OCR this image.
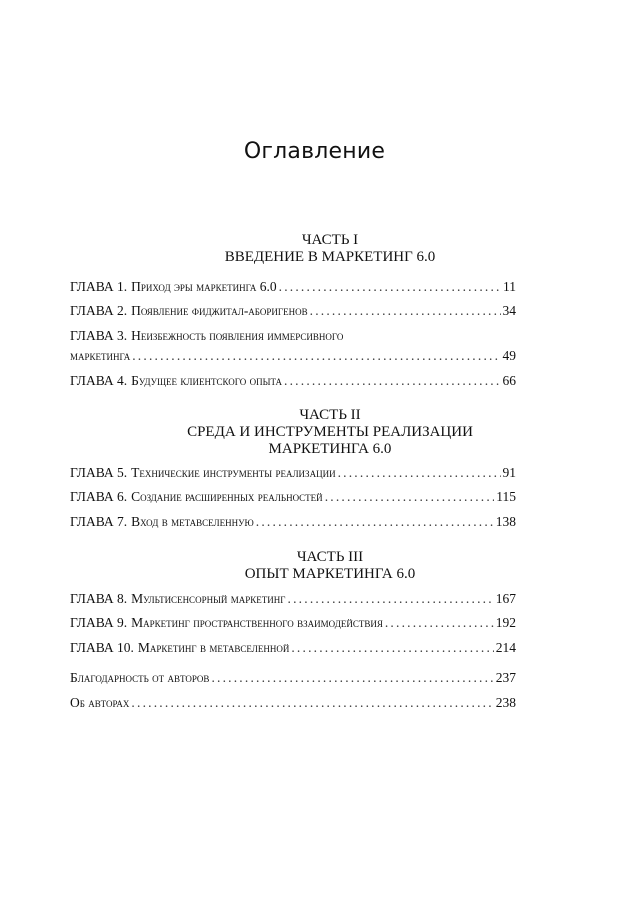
Оглавление
ЧАСТЬ I
ВВЕДЕНИЕ В МАРКЕТИНГ 6.0
ГЛАВА 1. Приход эры маркетинга 6.0 .....	11
ГЛАВА 2. Появление фиджитал-аборигенов .....	34
ГЛАВА 3. Неизбежность появления иммерсивного
маркетинга .....	49
ГЛАВА 4. Будущее клиентского опыта .....	66
ЧАСТЬ II
СРЕДА И ИНСТРУМЕНТЫ РЕАЛИЗАЦИИ
МАРКЕТИНГА 6.0
ГЛАВА 5. Технические инструменты реализации .....	91
ГЛАВА 6. Создание расширенных реальностей .....	115
ГЛАВА 7. Вход в метавселенную .....	138
ЧАСТЬ III
ОПЫТ МАРКЕТИНГА 6.0
ГЛАВА 8. Мультисенсорный маркетинг .....	167
ГЛАВА 9. Маркетинг пространственного взаимодействия .....	192
ГЛАВА 10. Маркетинг в метавселенной .....	214
Благодарность от авторов .....	237
Об авторах .....	238
